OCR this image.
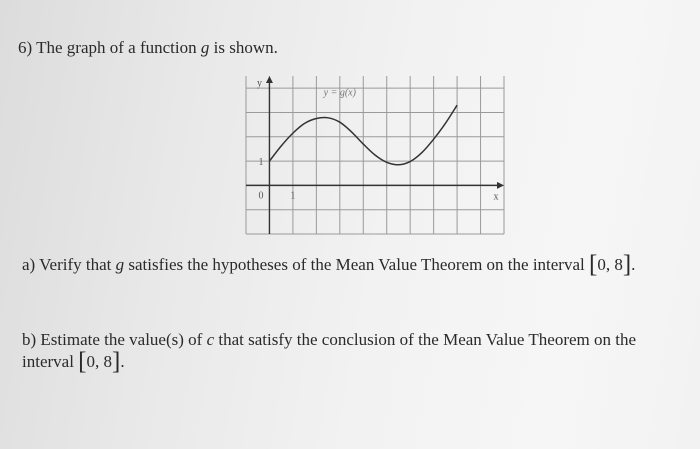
6) The graph of a function g is shown.
y
x
y = g(x)
1
0	1
a) Verify that g satisfies the hypotheses of the Mean Value Theorem on the interval [0, 8].
b) Estimate the value(s) of c that satisfy the conclusion of the Mean Value Theorem on the
interval [0, 8].
